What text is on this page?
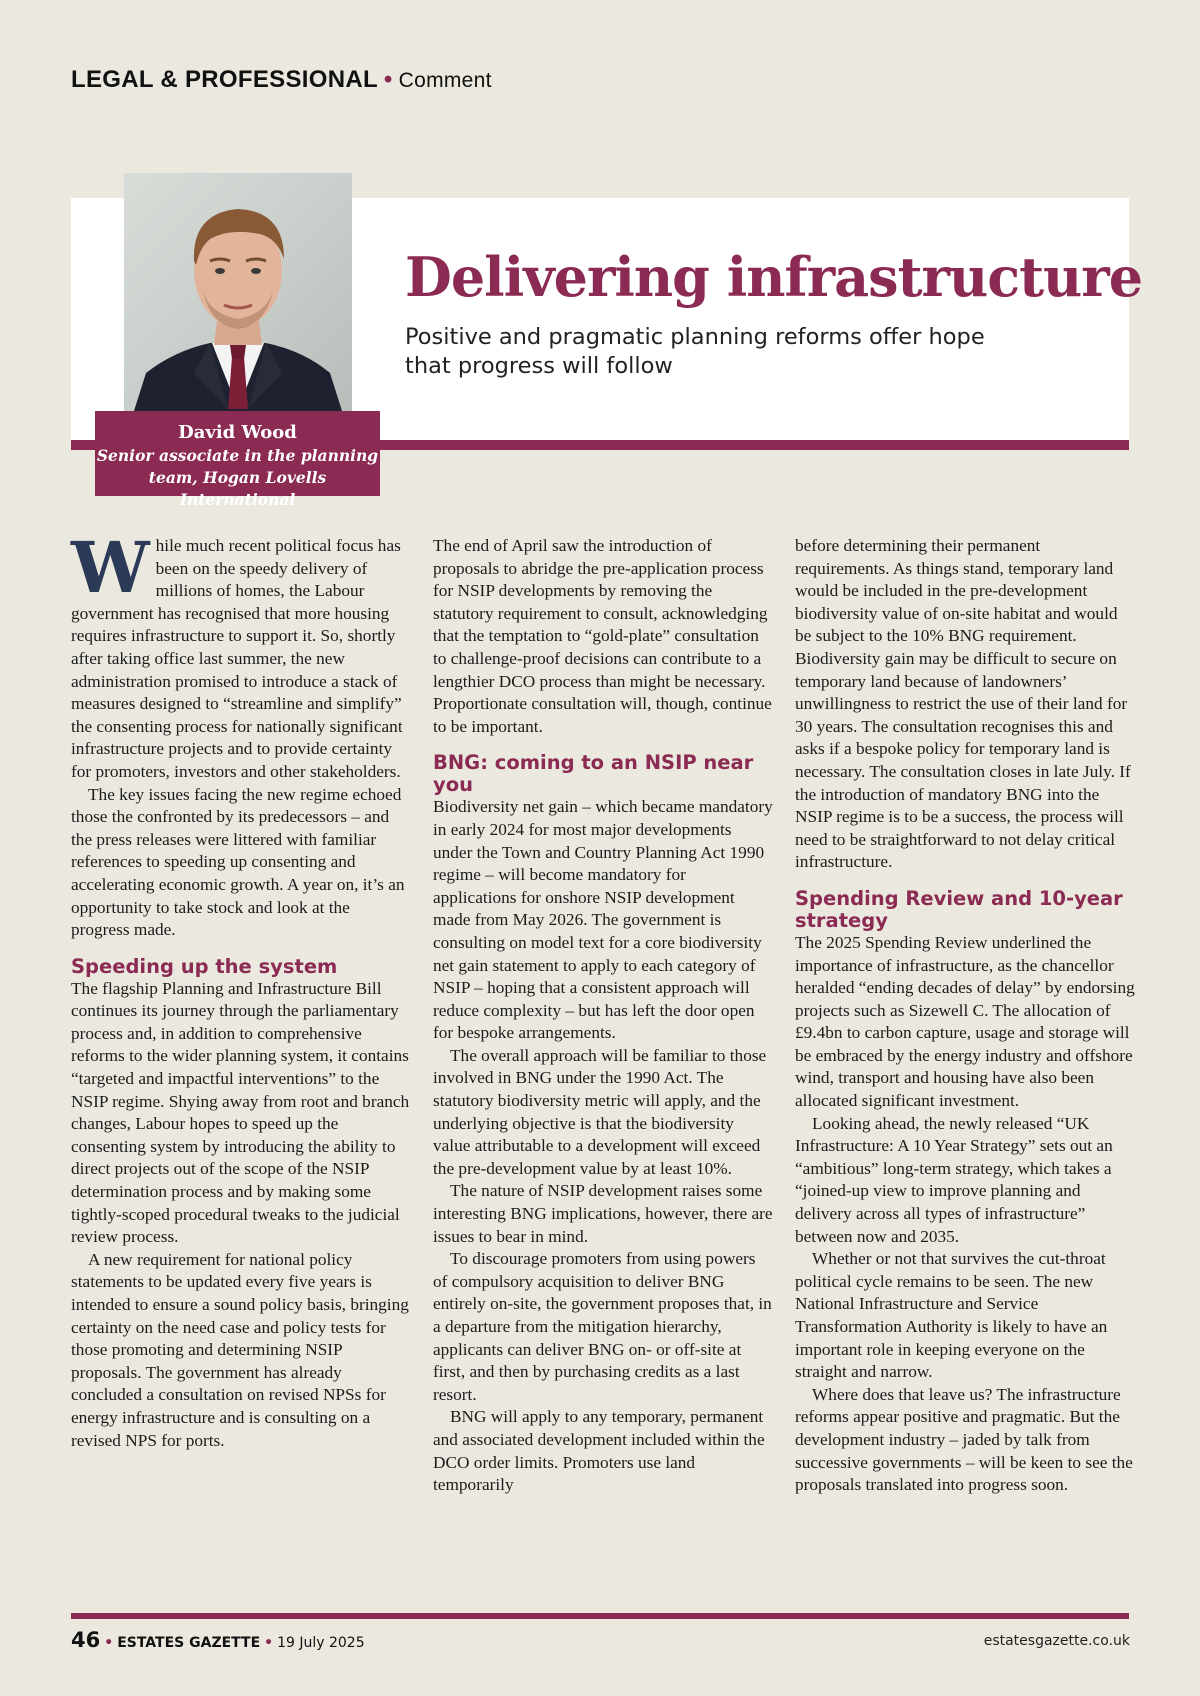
LEGAL & PROFESSIONAL • Comment
David Wood
Senior associate in the planning team, Hogan Lovells International
Delivering infrastructure
Positive and pragmatic planning reforms offer hope that progress will follow
W hile much recent political focus has been on the speedy delivery of millions of homes, the Labour government has recognised that more housing requires infrastructure to support it. So, shortly after taking office last summer, the new administration promised to introduce a stack of measures designed to “streamline and simplify” the consenting process for nationally significant infrastructure projects and to provide certainty for promoters, investors and other stakeholders.

The key issues facing the new regime echoed those the confronted by its predecessors – and the press releases were littered with familiar references to speeding up consenting and accelerating economic growth. A year on, it’s an opportunity to take stock and look at the progress made.

Speeding up the system

The flagship Planning and Infrastructure Bill continues its journey through the parliamentary process and, in addition to comprehensive reforms to the wider planning system, it contains “targeted and impactful interventions” to the NSIP regime. Shying away from root and branch changes, Labour hopes to speed up the consenting system by introducing the ability to direct projects out of the scope of the NSIP determination process and by making some tightly-scoped procedural tweaks to the judicial review process.

A new requirement for national policy statements to be updated every five years is intended to ensure a sound policy basis, bringing certainty on the need case and policy tests for those promoting and determining NSIP proposals. The government has already concluded a consultation on revised NPSs for energy infrastructure and is consulting on a revised NPS for ports.

The end of April saw the introduction of proposals to abridge the pre-application process for NSIP developments by removing the statutory requirement to consult, acknowledging that the temptation to “gold-plate” consultation to challenge-proof decisions can contribute to a lengthier DCO process than might be necessary. Proportionate consultation will, though, continue to be important.

BNG: coming to an NSIP near you

Biodiversity net gain – which became mandatory in early 2024 for most major developments under the Town and Country Planning Act 1990 regime – will become mandatory for applications for onshore NSIP development made from May 2026. The government is consulting on model text for a core biodiversity net gain statement to apply to each category of NSIP – hoping that a consistent approach will reduce complexity – but has left the door open for bespoke arrangements.

The overall approach will be familiar to those involved in BNG under the 1990 Act. The statutory biodiversity metric will apply, and the underlying objective is that the biodiversity value attributable to a development will exceed the pre-development value by at least 10%.

The nature of NSIP development raises some interesting BNG implications, however, there are issues to bear in mind.

To discourage promoters from using powers of compulsory acquisition to deliver BNG entirely on-site, the government proposes that, in a departure from the mitigation hierarchy, applicants can deliver BNG on- or off-site at first, and then by purchasing credits as a last resort.

BNG will apply to any temporary, permanent and associated development included within the DCO order limits. Promoters use land temporarily

before determining their permanent requirements. As things stand, temporary land would be included in the pre-development biodiversity value of on-site habitat and would be subject to the 10% BNG requirement. Biodiversity gain may be difficult to secure on temporary land because of landowners’ unwillingness to restrict the use of their land for 30 years. The consultation recognises this and asks if a bespoke policy for temporary land is necessary. The consultation closes in late July. If the introduction of mandatory BNG into the NSIP regime is to be a success, the process will need to be straightforward to not delay critical infrastructure.

Spending Review and 10-year strategy

The 2025 Spending Review underlined the importance of infrastructure, as the chancellor heralded “ending decades of delay” by endorsing projects such as Sizewell C. The allocation of £9.4bn to carbon capture, usage and storage will be embraced by the energy industry and offshore wind, transport and housing have also been allocated significant investment.

Looking ahead, the newly released “UK Infrastructure: A 10 Year Strategy” sets out an “ambitious” long-term strategy, which takes a “joined-up view to improve planning and delivery across all types of infrastructure” between now and 2035.

Whether or not that survives the cut-throat political cycle remains to be seen. The new National Infrastructure and Service Transformation Authority is likely to have an important role in keeping everyone on the straight and narrow.

Where does that leave us? The infrastructure reforms appear positive and pragmatic. But the development industry – jaded by talk from successive governments – will be keen to see the proposals translated into progress soon.

46 • ESTATES GAZETTE • 19 July 2025	estatesgazette.co.uk
